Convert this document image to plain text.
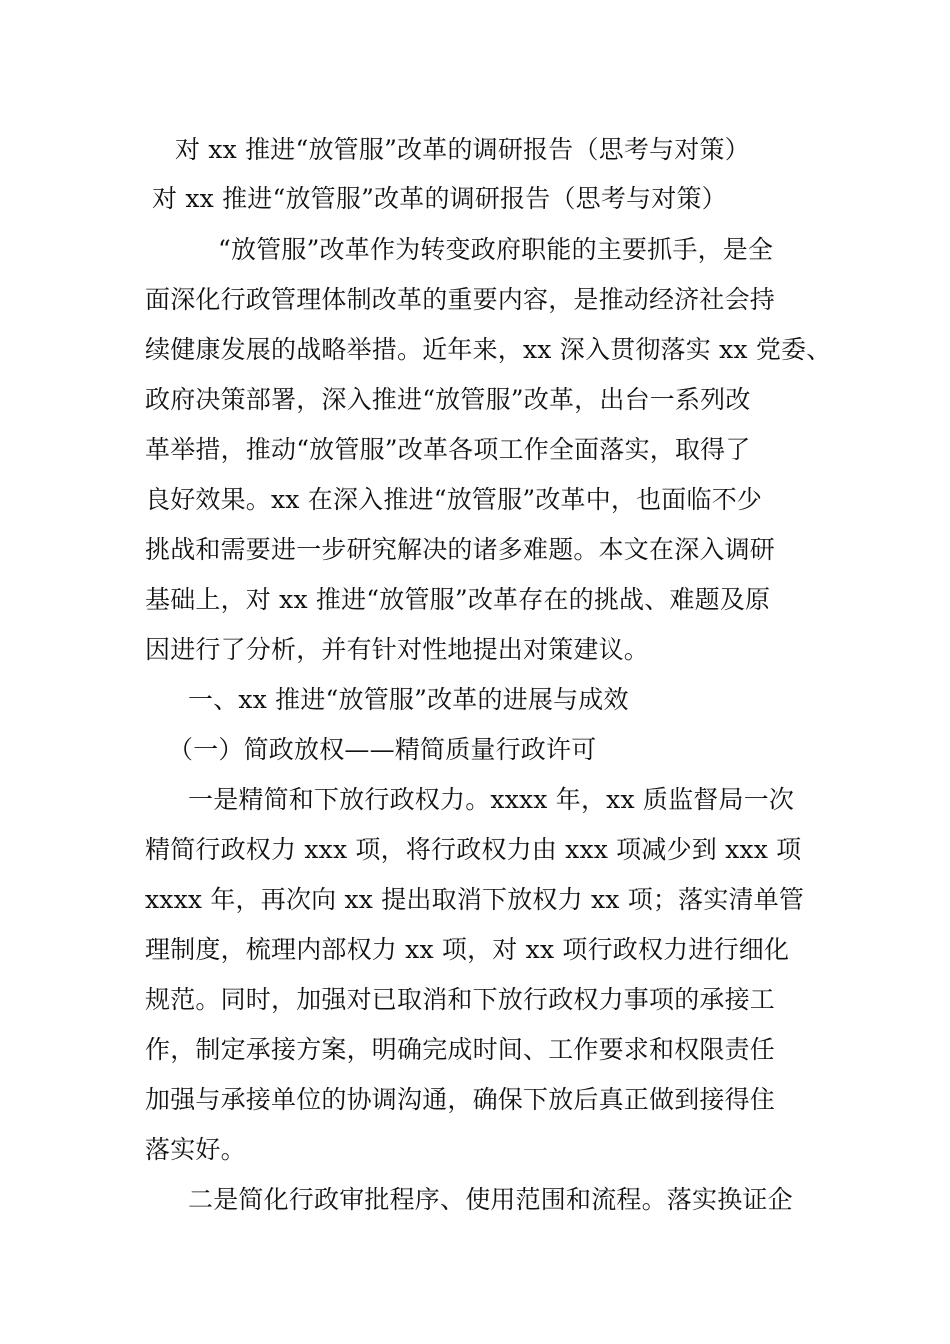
对 xx 推进“放管服”改革的调研报告（思考与对策）
对 xx 推进“放管服”改革的调研报告（思考与对策）
“放管服”改革作为转变政府职能的主要抓手，是全
面深化行政管理体制改革的重要内容，是推动经济社会持
续健康发展的战略举措。近年来，xx 深入贯彻落实 xx 党委、
政府决策部署，深入推进“放管服”改革，出台一系列改
革举措，推动“放管服”改革各项工作全面落实，取得了
良好效果。xx 在深入推进“放管服”改革中，也面临不少
挑战和需要进一步研究解决的诸多难题。本文在深入调研
基础上，对 xx 推进“放管服”改革存在的挑战、难题及原
因进行了分析，并有针对性地提出对策建议。
一、xx 推进“放管服”改革的进展与成效
（一）简政放权——精简质量行政许可
一是精简和下放行政权力。xxxx 年，xx 质监督局一次
精简行政权力 xxx 项，将行政权力由 xxx 项减少到 xxx 项
xxxx 年，再次向 xx 提出取消下放权力 xx 项；落实清单管
理制度，梳理内部权力 xx 项，对 xx 项行政权力进行细化
规范。同时，加强对已取消和下放行政权力事项的承接工
作，制定承接方案，明确完成时间、工作要求和权限责任
加强与承接单位的协调沟通，确保下放后真正做到接得住
落实好。
二是简化行政审批程序、使用范围和流程。落实换证企
